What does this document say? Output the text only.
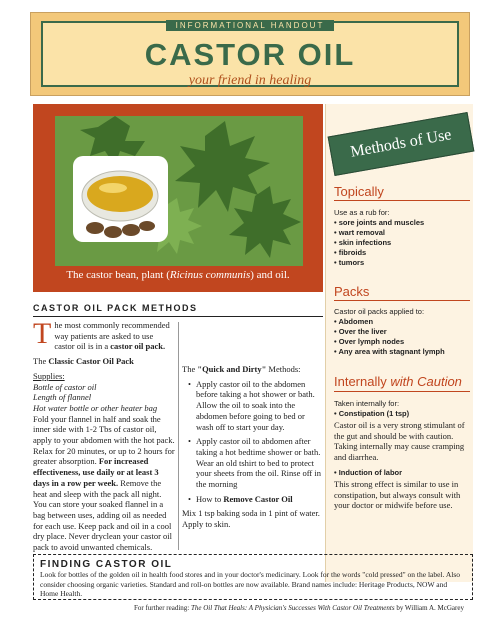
INFORMATIONAL HANDOUT
CASTOR OIL
your friend in healing
The castor bean, plant (Ricinus communis) and oil.
Methods of Use
Topically
Use as a rub for:
• sore joints and muscles
• wart removal
• skin infections
• fibroids
• tumors
Packs
Castor oil packs applied to:
• Abdomen
• Over the liver
• Over lymph nodes
• Any area with stagnant lymph
Internally with Caution
Taken internally for:
• Constipation (1 tsp)
Castor oil is a very strong stimulant of the gut and should be with caution. Taking internally may cause cramping and diarrhea.
• Induction of labor
This strong effect is similar to use in constipation, but always consult with your doctor or midwife before use.
CASTOR OIL PACK METHODS
The most commonly recommended way patients are asked to use castor oil is in a castor oil pack.
The Classic Castor Oil Pack
Supplies:
Bottle of castor oil
Length of flannel
Hot water bottle or other heater bag
Fold your flannel in half and soak the inner side with 1-2 Tbs of castor oil, apply to your abdomen with the hot pack. Relax for 20 minutes, or up to 2 hours for greater absorption. For increased effectiveness, use daily or at least 3 days in a row per week. Remove the heat and sleep with the pack all night. You can store your soaked flannel in a bag between uses, adding oil as needed for each use. Keep pack and oil in a cool dry place. Never dryclean your castor oil pack to avoid unwanted chemicals.
The "Quick and Dirty" Methods:
• Apply castor oil to the abdomen before taking a hot shower or bath. Allow the oil to soak into the abdomen before going to bed or wash off to start your day.
• Apply castor oil to abdomen after taking a hot bedtime shower or bath. Wear an old tshirt to bed to protect your sheets from the oil. Rinse off in the morning
• How to Remove Castor Oil
Mix 1 tsp baking soda in 1 pint of water. Apply to skin.
FINDING CASTOR OIL
Look for bottles of the golden oil in health food stores and in your doctor's medicinary. Look for the words "cold pressed" on the label. Also consider choosing organic varieties. Standard and roll-on bottles are now available. Brand names include: Heritage Products, NOW and Home Health.
For further reading: The Oil That Heals: A Physician's Successes With Castor Oil Treatments by William A. McGarey
